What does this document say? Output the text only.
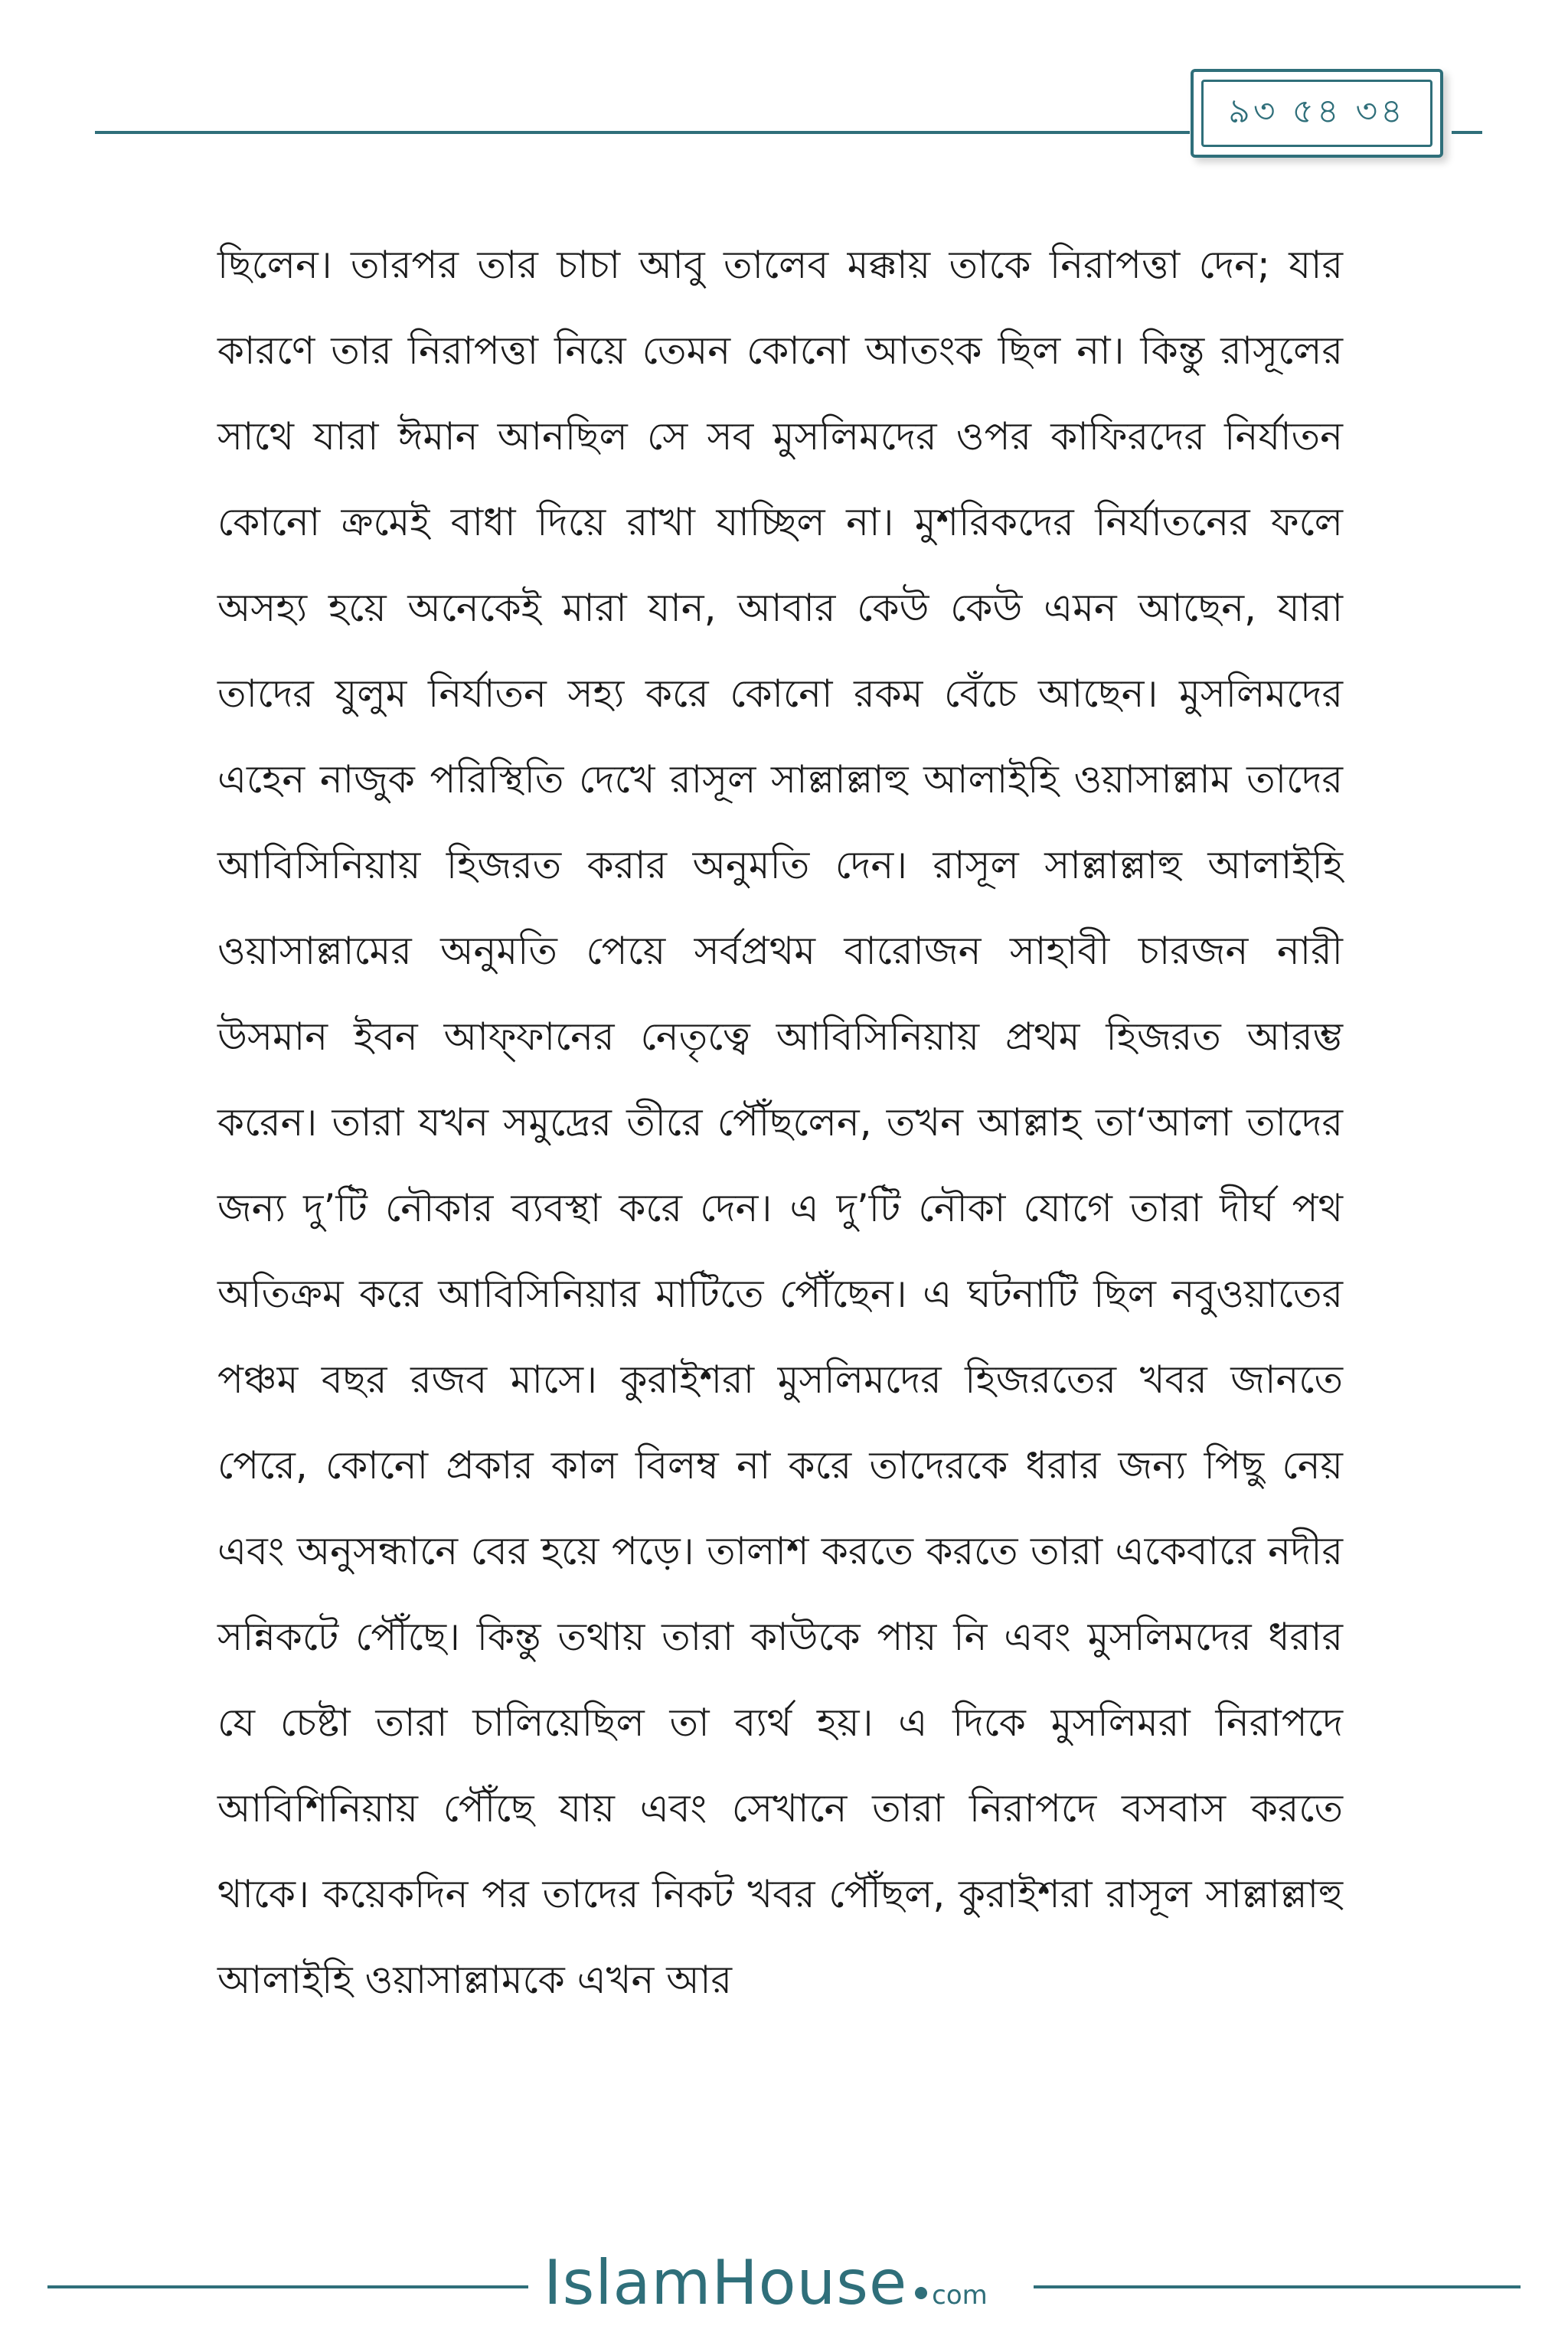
৯৩ ৫৪ ৩৪

ছিলেন। তারপর তার চাচা আবু তালেব মক্কায় তাকে নিরাপত্তা দেন; যার কারণে তার নিরাপত্তা নিয়ে তেমন কোনো আতংক ছিল না। কিন্তু রাসূলের সাথে যারা ঈমান আনছিল সে সব মুসলিমদের ওপর কাফিরদের নির্যাতন কোনো ক্রমেই বাধা দিয়ে রাখা যাচ্ছিল না। মুশরিকদের নির্যাতনের ফলে অসহ্য হয়ে অনেকেই মারা যান, আবার কেউ কেউ এমন আছেন, যারা তাদের যুলুম নির্যাতন সহ্য করে কোনো রকম বেঁচে আছেন। মুসলিমদের এহেন নাজুক পরিস্থিতি দেখে রাসূল সাল্লাল্লাহু আলাইহি ওয়াসাল্লাম তাদের আবিসিনিয়ায় হিজরত করার অনুমতি দেন। রাসূল সাল্লাল্লাহু আলাইহি ওয়াসাল্লামের অনুমতি পেয়ে সর্বপ্রথম বারোজন সাহাবী চারজন নারী উসমান ইবন আফ্‌ফানের নেতৃত্বে আবিসিনিয়ায় প্রথম হিজরত আরম্ভ করেন। তারা যখন সমুদ্রের তীরে পৌঁছলেন, তখন আল্লাহ তা‘আলা তাদের জন্য দু’টি নৌকার ব্যবস্থা করে দেন। এ দু’টি নৌকা যোগে তারা দীর্ঘ পথ অতিক্রম করে আবিসিনিয়ার মাটিতে পৌঁছেন। এ ঘটনাটি ছিল নবুওয়াতের পঞ্চম বছর রজব মাসে। কুরাইশরা মুসলিমদের হিজরতের খবর জানতে পেরে, কোনো প্রকার কাল বিলম্ব না করে তাদেরকে ধরার জন্য পিছু নেয় এবং অনুসন্ধানে বের হয়ে পড়ে। তালাশ করতে করতে তারা একেবারে নদীর সন্নিকটে পৌঁছে। কিন্তু তথায় তারা কাউকে পায় নি এবং মুসলিমদের ধরার যে চেষ্টা তারা চালিয়েছিল তা ব্যর্থ হয়। এ দিকে মুসলিমরা নিরাপদে আবিশিনিয়ায় পৌঁছে যায় এবং সেখানে তারা নিরাপদে বসবাস করতে থাকে। কয়েকদিন পর তাদের নিকট খবর পৌঁছল, কুরাইশরা রাসূল সাল্লাল্লাহু আলাইহি ওয়াসাল্লামকে এখন আর

IslamHouse com
